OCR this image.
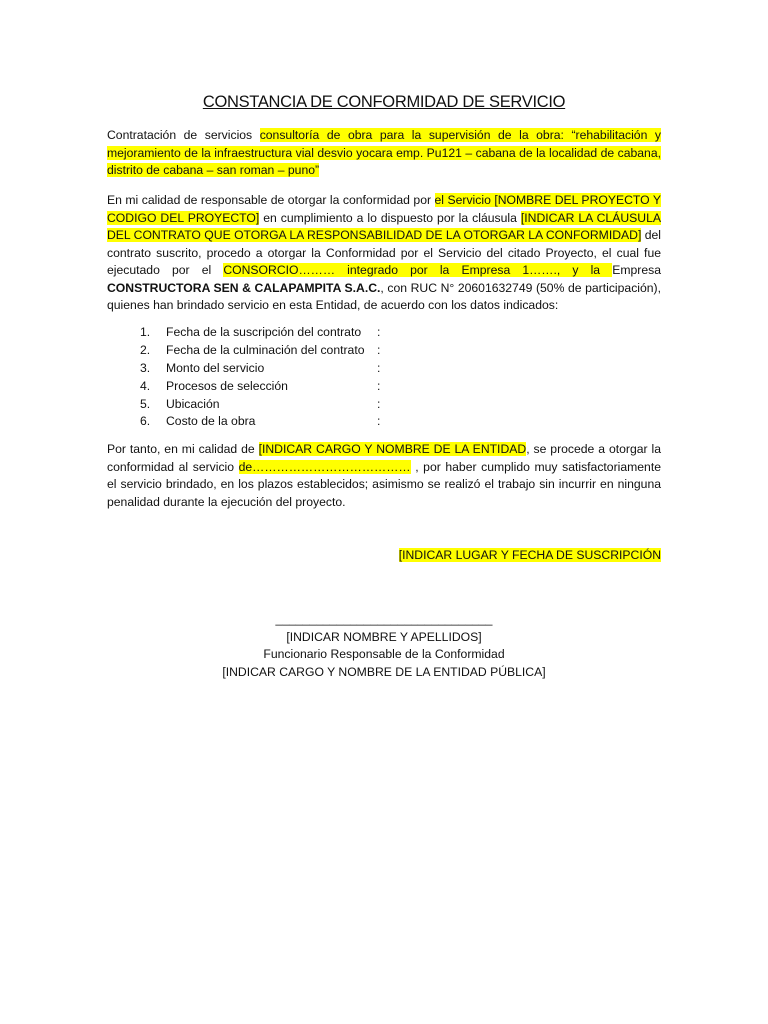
CONSTANCIA DE CONFORMIDAD DE SERVICIO

Contratación de servicios consultoría de obra para la supervisión de la obra: “rehabilitación y mejoramiento de la infraestructura vial desvio yocara emp. Pu121 – cabana de la localidad de cabana, distrito de cabana – san roman – puno”

En mi calidad de responsable de otorgar la conformidad por el Servicio [NOMBRE DEL PROYECTO Y CODIGO DEL PROYECTO] en cumplimiento a lo dispuesto por la cláusula [INDICAR LA CLÁUSULA DEL CONTRATO QUE OTORGA LA RESPONSABILIDAD DE LA OTORGAR LA CONFORMIDAD] del contrato suscrito, procedo a otorgar la Conformidad por el Servicio del citado Proyecto, el cual fue ejecutado por el CONSORCIO……… integrado por la Empresa 1……., y la Empresa CONSTRUCTORA SEN & CALAPAMPITA S.A.C., con RUC N° 20601632749 (50% de participación), quienes han brindado servicio en esta Entidad, de acuerdo con los datos indicados:

1. Fecha de la suscripción del contrato :
2. Fecha de la culminación del contrato :
3. Monto del servicio	:
4. Procesos de selección	:
5. Ubicación	:
6. Costo de la obra	:

Por tanto, en mi calidad de [INDICAR CARGO Y NOMBRE DE LA ENTIDAD, se procede a otorgar la conformidad al servicio de………………………………… , por haber cumplido muy satisfactoriamente el servicio brindado, en los plazos establecidos; asimismo se realizó el trabajo sin incurrir en ninguna penalidad durante la ejecución del proyecto.

[INDICAR LUGAR Y FECHA DE SUSCRIPCIÓN
________________________________
[INDICAR NOMBRE Y APELLIDOS]
Funcionario Responsable de la Conformidad
[INDICAR CARGO Y NOMBRE DE LA ENTIDAD PÚBLICA]
